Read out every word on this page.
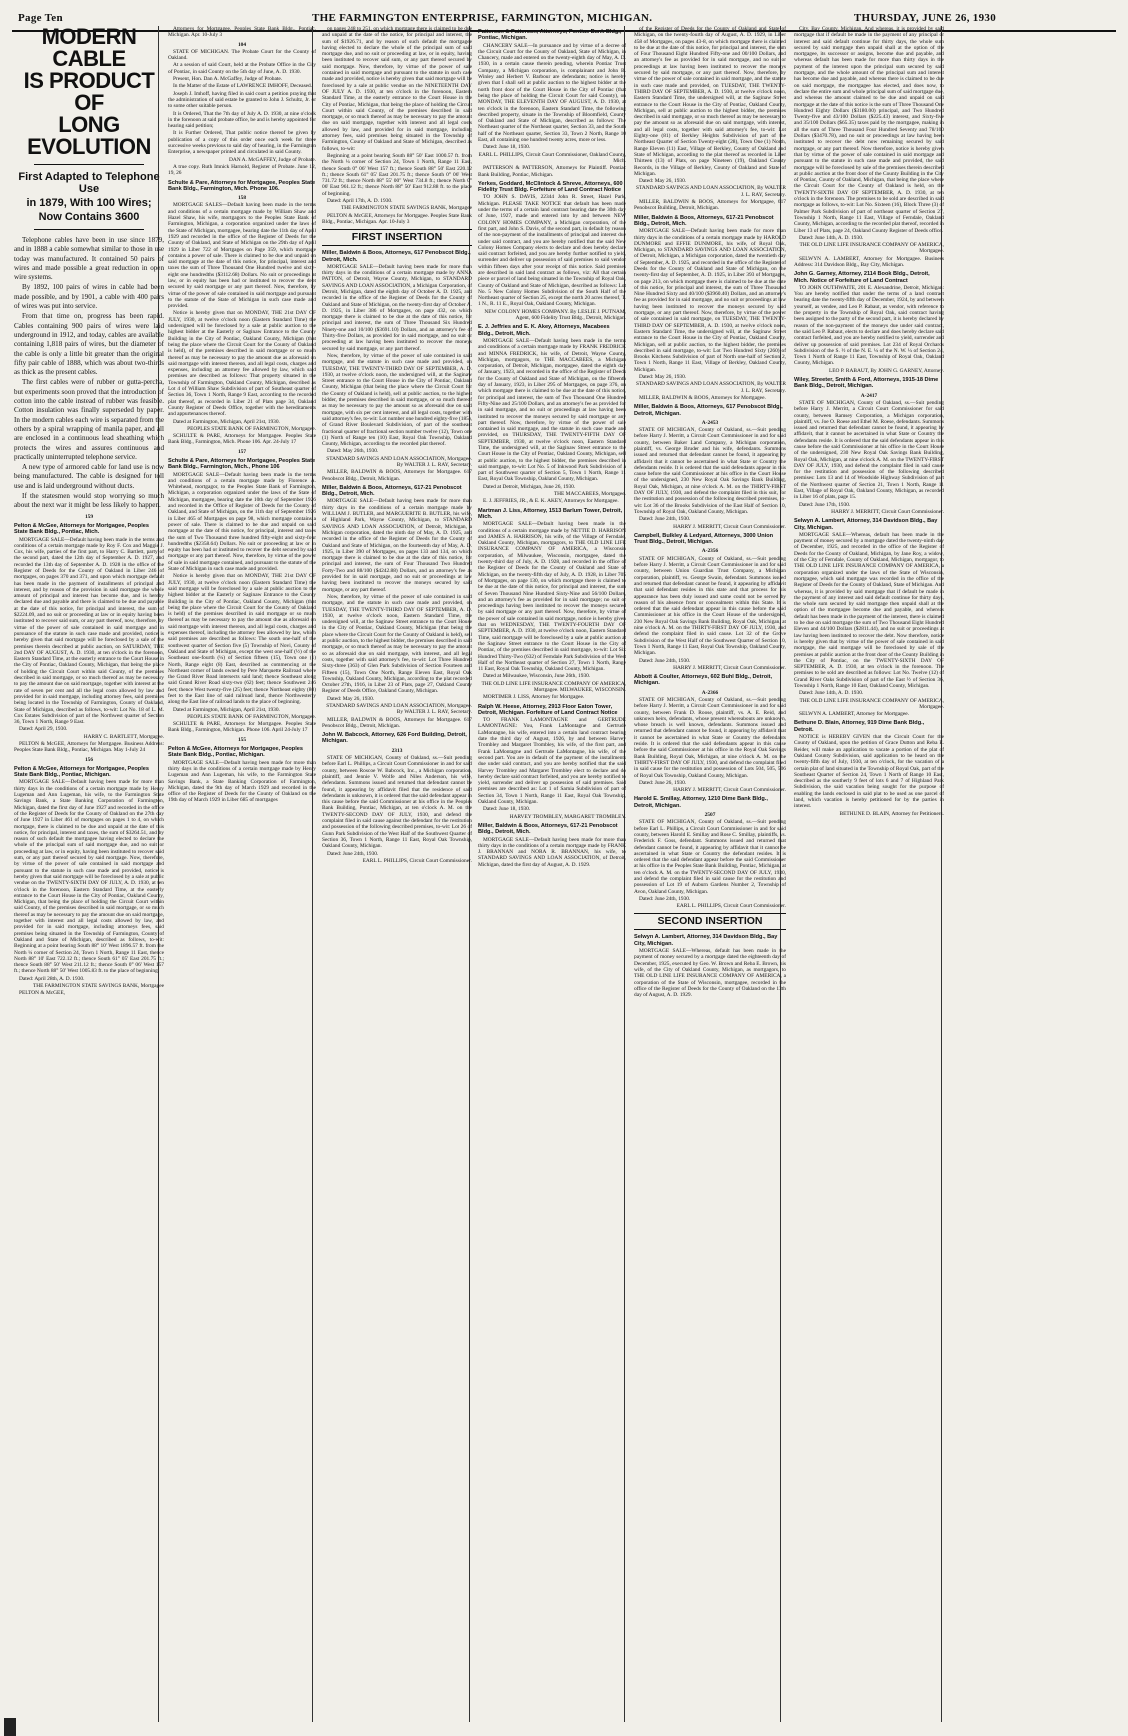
Page Ten	THE FARMINGTON ENTERPRISE, FARMINGTON, MICHIGAN.	THURSDAY, JUNE 26, 1930
MODERN CABLE
IS PRODUCT OF
LONG EVOLUTION
First Adapted to Telephone Use
in 1879, With 100 Wires;
Now Contains 3600

Telephone cables have been in use since 1879, and in 1888 a cable somewhat similar to those in use today was manufactured. It contained 50 pairs of wires and made possible a great reduction in open wire systems.

By 1892, 100 pairs of wires in cable had been made possible, and by 1901, a cable with 400 pairs of wires was put into service.

From that time on, progress has been rapid. Cables containing 900 pairs of wires were laid underground in 1912, and today, cables are available containing 1,818 pairs of wires, but the diameter of the cable is only a little bit greater than the original fifty pair cable of 1888, which was about two-thirds as thick as the present cables.

The first cables were of rubber or gutta-percha, but experiments soon proved that the introduction of cotton into the cable instead of rubber was feasible. Cotton insulation was finally superseded by paper. In the modern cables each wire is separated from the others by a spiral wrapping of manila paper, and all are enclosed in a continuous lead sheathing which protects the wires and assures continuous and practically uninterrupted telephone service.

A new type of armored cable for land use is now being manufactured. The cable is designed for toll use and is laid underground without ducts.

If the statesmen would stop worrying so much about the next war it might be less likely to happen.

159

Pelton & McGee, Attorneys for Mortgagee, Peoples State Bank Bldg., Pontiac, Mich.

MORTGAGE SALE—Default having been made in the terms and conditions of a certain mortgage made by Roy F. Cox and Maggie J. Cox, his wife, parties of the first part, to Harry C. Bartlett, party of the second part, dated the 12th day of September A. D. 1927, and recorded the 13th day of September A. D. 1928 in the office of the Register of Deeds for the County of Oakland in Liber 246 of mortgages, on pages 370 and 371, and upon which mortgage default has been made in the payment of installments of principal and interest, and by reason of the provision in said mortgage the whole amount of principal and interest has become due, and is hereby declared due and payable and there is claimed to be due and payable at the date of this notice, for principal and interest, the sum of $2224.09, and no suit or proceeding at law or in equity having been instituted to recover said sum, or any part thereof, now, therefore, by virtue of the power of sale contained in said mortgage and in pursuance of the statute in such case made and provided, notice is hereby given that said mortgage will be foreclosed by a sale of the premises therein described at public auction, on SATURDAY, THE 2nd DAY OF AUGUST, A. D. 1930, at ten o'clock in the forenoon, Eastern Standard Time, at the easterly entrance to the Court House in the City of Pontiac, Oakland County, Michigan, that being the place of holding the Circuit Court within said County, of the premises described in said mortgage, or so much thereof as may be necessary to pay the amount due on said mortgage, together with interest at the rate of seven per cent and all the legal costs allowed by law and provided for in said mortgage, including attorney fees, said premises being located in the Township of Farmington, County of Oakland, State of Michigan, described as follows, to-wit: Lot No. 18 of L. M. Cox Estates Subdivision of part of the Northwest quarter of Section 36, Town 1 North, Range 9 East.

Dated: April 29, 1930.

HARRY C. BARTLETT, Mortgagee.

PELTON & McGEE, Attorneys for Mortgagee. Business Address: Peoples State Bank Bldg., Pontiac, Michigan. May 1-July 24

156

Pelton & McGee, Attorneys for Mortgagee, Peoples State Bank Bldg., Pontiac, Michigan.

MORTGAGE SALE—Default having been made for more than thirty days in the conditions of a certain mortgage made by Henry Lugeman and Ann Lugeman, his wife, to the Farmington State Savings Bank, a State Banking Corporation of Farmington, Michigan, dated the first day of June 1927 and recorded in the office of the Register of Deeds for the County of Oakland on the 27th day of June 1927 in Liber 461 of mortgages on pages 1 to 4, on which mortgage, there is claimed to be due and unpaid at the date of this notice, for principal, interest and taxes, the sum of $3264.51, and by reason of such default the mortgagee having elected to declare the whole of the principal sum of said mortgage due, and no suit or proceeding at law, or in equity, having been instituted to recover said sum, or any part thereof secured by said mortgage. Now, therefore, by virtue of the power of sale contained in said mortgage and pursuant to the statute in such case made and provided, notice is hereby given that said mortgage will be foreclosed by a sale at public vendue on the TWENTY-SIXTH DAY OF JULY, A. D. 1930, at ten o'clock in the forenoon, Eastern Standard Time, at the easterly entrance to the Court House in the City of Pontiac, Oakland County, Michigan, that being the place of holding the Circuit Court within said County, of the premises described in said mortgage, or so much thereof as may be necessary to pay the amount due on said mortgage, together with interest and all legal costs allowed by law, and provided for in said mortgage, including attorneys fees, said premises being situated in the Township of Farmington, County of Oakland and State of Michigan, described as follows, to-wit: Beginning at a point bearing South 88° 10' West 1896.57 ft. from the North ¼ corner of Section 24, Town 1 North, Range 11 East, thence North 88° 10' East 722.12 ft.; thence South 61° 05' East 201.75 ft.; thence South 88° 50' West 211.12 ft.; thence South 0° 06' West 157 ft.; thence North 88° 50' West 1005.83 ft. to the place of beginning.

Dated: April 28th, A. D. 1930.

THE FARMINGTON STATE SAVINGS BANK, Mortgagee

PELTON & McGEE,

Attorneys for Mortgagee. Peoples State Bank Bldg., Pontiac, Michigan. Apr. 10-July 3

104

STATE OF MICHIGAN. The Probate Court for the County of Oakland.

At a session of said Court, held at the Probate Office in the City of Pontiac, in said County on the 5th day of June, A. D. 1930.

Present, Hon. Dan A. McGaffey, Judge of Probate.

In the Matter of the Estate of LAWRENCE IMHOFF, Deceased.

Joseph J. Imhoff, having filed in said court a petition praying that the administration of said estate be granted to John J. Schultz, Jr. or to some other suitable person.

It is Ordered, That the 7th day of July A. D. 1930, at nine o'clock in the forenoon at said probate office, be and is hereby appointed for hearing said petition;

It is Further Ordered, That public notice thereof be given by publication of a copy of this order once each week for three successive weeks previous to said day of hearing, in the Farmington Enterprise, a newspaper printed and circulated in said County.

DAN A. McGAFFEY, Judge of Probate.

A true copy. Ruth Imnick Harnold, Register of Probate. June 12, 19, 26

Schulte & Pare, Attorneys for Mortgagee, Peoples State Bank Bldg., Farmington, Mich. Phone 106.

158

MORTGAGE SALES—Default having been made in the terms and conditions of a certain mortgage made by William Shaw and Hazel Shaw, his wife, mortgagors to the Peoples State Bank of Farmington, Michigan, a corporation organized under the laws of the State of Michigan, mortgagee, bearing date the 11th day of April 1929 and recorded in the office of the Register of Deeds for the County of Oakland, and State of Michigan on the 29th day of April 1929 in Liber 722 of Mortgages on Page 359, which mortgage contains a power of sale. There is claimed to be due and unpaid on said mortgage at the date of this notice, for principal, interest and taxes the sum of Three Thousand One Hundred twelve and sixty-eight one hundredths ($3112.68) Dollars. No suit or proceedings at law, or in equity has been had or instituted to recover the debt secured by said mortgage or any part thereof. Now, therefore, by virtue of the power of sale contained in said mortgage and pursuant to the statute of the State of Michigan in such case made and provided.

Notice is hereby given that on MONDAY, THE 21st DAY OF JULY, 1930, at twelve o'clock noon (Eastern Standard Time) the undersigned will be foreclosed by a sale at public auction to the highest bidder at the Easterly or Saginaw Entrance to the County Building in the City of Pontiac, Oakland County, Michigan (that being the place where the Circuit Court for the County of Oakland is held), of the premises described in said mortgage or so much thereof as may be necessary to pay the amount due as aforesaid on said mortgage with interest thereon, and all legal costs, charges and expenses, including an attorney fee allowed by law, which said premises are described as follows: That property situated in the Township of Farmington, Oakland County, Michigan, described as Lot 4 of William Shaw Subdivision of part of Southeast quarter of Section 36, Town 1 North, Range 9 East, according to the recorded plat thereof, as recorded in Liber 21 of Plats page 34, Oakland County Register of Deeds Office, together with the hereditaments and appurtenances thereof.

Dated at Farmington, Michigan, April 21st, 1930.

PEOPLES STATE BANK OF FARMINGTON, Mortgagee.

SCHULTE & PARE, Attorneys for Mortgagee. Peoples State Bank Bldg., Farmington, Mich. Phone 106. Apr. 24-July 17

157

Schulte & Pare, Attorneys for Mortgagee, Peoples State Bank Bldg., Farmington, Mich., Phone 106

MORTGAGE SALE—Default having been made in the terms and conditions of a certain mortgage made by Florence A. Whitehead, mortgagor, to the Peoples State Bank of Farmington, Michigan, a corporation organized under the laws of the State of Michigan, mortgagee, bearing date the 10th day of September 1926 and recorded in the Office of Register of Deeds for the County of Oakland, and State of Michigan, on the 11th day of September 1926 in Liber 465 of Mortgages on page 98, which mortgage contains a power of sale. There is claimed to be due and unpaid on said mortgage at the date of this notice, for principal, interest and taxes the sum of Two Thousand three hundred fifty-eight and sixty-four hundredths ($2358.64) Dollars. No suit or proceeding at law or in equity has been had or instituted to recover the debt secured by said mortgage or any part thereof. Now, therefore, by virtue of the power of sale in said mortgage contained, and pursuant to the statute of the State of Michigan in such case made and provided.

Notice is hereby given that on MONDAY, THE 21st DAY OF JULY, 1930, at twelve o'clock noon (Eastern Standard Time) the said mortgage will be foreclosed by a sale at public auction to the highest bidder at the Easterly or Saginaw Entrance to the County Building in the City of Pontiac, Oakland County, Michigan (that being the place where the Circuit Court for the County of Oakland is held) of the premises described in said mortgage or so much thereof as may be necessary to pay the amount due as aforesaid on said mortgage with interest thereon, and all legal costs, charges and expenses thereof, including the attorney fees allowed by law, which said premises are described as follows: The south one-half of the southwest quarter of Section five (5) Township of Novi, County of Oakland and State of Michigan, except the west one-half (½) of the Southeast one-fourth (¼) of Section fifteen (15), Town one (1) North, Range eight (8) East, described as commencing at the Northeast corner of lands owned by Pere Marquette Railroad where the Grand River Road intersects said land; thence Southeast along said Grand River Road sixty-two (62) feet; thence Southwest 246 feet; thence West twenty-five (25) feet; thence Northeast eighty (80) feet to the East line of said railroad land, thence Northwesterly along the East line of railroad lands to the place of beginning.

Dated at Farmington, Michigan, April 21st, 1930.

PEOPLES STATE BANK OF FARMINGTON, Mortgagee.

SCHULTE & PARE, Attorneys for Mortgagee. Peoples State Bank Bldg., Farmington, Michigan. Phone 106. April 24-July 17

155

Pelton & McGee, Attorneys for Mortgagee, Peoples State Bank Bldg., Pontiac, Michigan.

MORTGAGE SALE—Default having been made for more than thirty days in the conditions of a certain mortgage made by Henry Lugeman and Ann Lugeman, his wife, to the Farmington State Savings Bank, a State Banking Corporation of Farmington, Michigan, dated the 9th day of March 1929 and recorded in the office of the Register of Deeds for the County of Oakland on the 19th day of March 1929 in Liber 685 of mortgages

on pages 248 to 251, on which mortgage there is claimed to be due and unpaid at the date of the notice, for principal and interest, the sum of $1926.71, and by reason of such default the mortgagee having elected to declare the whole of the principal sum of said mortgage due, and no suit or proceeding at law, or in equity, having been instituted to recover said sum, or any part thereof secured by said mortgage. Now, therefore, by virtue of the power of sale contained in said mortgage and pursuant to the statute in such case made and provided, notice is hereby given that said mortgage will be foreclosed by a sale at public vendue on the NINETEENTH DAY OF JULY A. D. 1930, at ten o'clock in the forenoon, Eastern Standard Time, at the easterly entrance to the Court House in the City of Pontiac, Michigan, that being the place of holding the Circuit Court within said County, of the premises described in said mortgage, or so much thereof as may be necessary to pay the amount due on said mortgage, together with interest and all legal costs allowed by law, and provided for in said mortgage, including attorney fees, said premises being situated in the Township of Farmington, County of Oakland and State of Michigan, described as follows, to-wit:

Beginning at a point bearing South 88° 50' East 1000.57 ft. from the North ¼ corner of Section 24, Town 1 North, Range 11 East, thence South 0° 06' West 157 ft.; thence South 88° 50' East 220.12 ft.; thence South 61° 05' East 201.75 ft.; thence South 0° 06' West 731.72 ft.; thence North 88° 55' 00" West 734.8 ft.; thence North 0° 06' East 961.12 ft.; thence North 88° 50' East 912.88 ft. to the place of beginning.

Dated: April 17th, A. D. 1930.

THE FARMINGTON STATE SAVINGS BANK, Mortgagee

PELTON & McGEE, Attorneys for Mortgagee. Peoples State Bank Bldg., Pontiac, Michigan. Apr. 10-July 3

FIRST INSERTION

Miller, Baldwin & Boos, Attorneys, 617 Penobscot Bldg., Detroit, Mich.

MORTGAGE SALE—Default having been made for more than thirty days in the conditions of a certain mortgage made by ANNA PATTON, of Detroit, Wayne County, Michigan, to STANDARD SAVINGS AND LOAN ASSOCIATION, a Michigan Corporation, of Detroit, Michigan, dated the eighth day of October A. D. 1925, and recorded in the office of the Register of Deeds for the County of Oakland and State of Michigan, on the twenty-first day of October A. D. 1925, in Liber 386 of Mortgages, on page 432, on which mortgage there is claimed to be due at the date of this notice, for principal and interest, the sum of Three Thousand Six Hundred Ninety-one and 10/100 ($3691.10) Dollars, and an attorney's fee of Thirty-five Dollars, as provided for in said mortgage, and no suit or proceeding at law having been instituted to recover the moneys secured by said mortgage, or any part thereof.

Now, therefore, by virtue of the power of sale contained in said mortgage, and the statute in such case made and provided, on TUESDAY, THE TWENTY-THIRD DAY OF SEPTEMBER, A. D. 1930, at twelve o'clock noon, the undersigned will, at the Saginaw Street entrance to the Court House in the City of Pontiac, Oakland County, Michigan (that being the place where the Circuit Court for the County of Oakland is held), sell at public auction, to the highest bidder, the premises described in said mortgage, or so much thereof as may be necessary to pay the amount so as aforesaid due on said mortgage, with six per cent interest, and all legal costs, together with said attorney's fee, to-wit: Lot number one hundred eighty-five (185), of Grand River Boulevard Subdivision, of part of the southeast fractional quarter of fractional section number twelve (12), Town one (1) North of Range ten (10) East, Royal Oak Township, Oakland County, Michigan, according to the recorded plat thereof.

Dated: May 26th, 1930.

STANDARD SAVINGS AND LOAN ASSOCIATION, Mortgagee. By WALTER J. L. RAY, Secretary.

MILLER, BALDWIN & BOOS, Attorneys for Mortgagee. 617 Penobscot Bldg., Detroit, Michigan.

Miller, Baldwin & Boos, Attorneys, 617-21 Penobscot Bldg., Detroit, Mich.

MORTGAGE SALE—Default having been made for more than thirty days in the conditions of a certain mortgage made by WILLIAM J. BUTLER, and MARGUERITE B. BUTLER, his wife, of Highland Park, Wayne County, Michigan, to STANDARD SAVINGS AND LOAN ASSOCIATION, of Detroit, Michigan, a Michigan corporation, dated the ninth day of May, A. D. 1925, and recorded in the office of the Register of Deeds for the County of Oakland and State of Michigan, on the fourteenth day of May, A. D. 1925, in Liber 390 of Mortgages, on pages 133 and 134, on which mortgage there is claimed to be due at the date of this notice, for principal and interest, the sum of Four Thousand Two Hundred Forty-Two and 88/100 ($4242.88) Dollars, and an attorney's fee as provided for in said mortgage, and no suit or proceedings at law having been instituted to recover the moneys secured by said mortgage, or any part thereof.

Now, therefore, by virtue of the power of sale contained in said mortgage, and the statute in such case made and provided, on TUESDAY, THE TWENTY-THIRD DAY OF SEPTEMBER, A. D. 1930, at twelve o'clock noon, Eastern Standard Time, the undersigned will, at the Saginaw Street entrance to the Court House in the City of Pontiac, Oakland County, Michigan (that being the place where the Circuit Court for the County of Oakland is held), sell at public auction, to the highest bidder, the premises described in said mortgage, or so much thereof as may be necessary to pay the amount so as aforesaid due on said mortgage, with interest, and all legal costs, together with said attorney's fee, to-wit: Lot Three Hundred Sixty-three (363) of Glen Park Subdivision of Section Fourteen and Fifteen (15), Town One North, Range Eleven East, Royal Oak Township, Oakland County, Michigan, according to the plat recorded October 27th, 1916, in Liber 23 of Plats, page 27, Oakland County Register of Deeds Office, Oakland County, Michigan.

Dated: May 26, 1930.

STANDARD SAVINGS AND LOAN ASSOCIATION, Mortgagee. By WALTER J. L. RAY, Secretary.

MILLER, BALDWIN & BOOS, Attorneys for Mortgagee. 617 Penobscot Bldg., Detroit, Michigan.

John W. Babcock, Attorney, 626 Ford Building, Detroit, Michigan.

2313

STATE OF MICHIGAN, County of Oakland, ss.—Suit pending before Earl L. Phillips, a Circuit Court Commissioner in and for said county, between Roscoe W. Babcock, Inc., a Michigan corporation, plaintiff, and Jennie V. Wolfe and Niles Anderson, his wife, defendants. Summons issued and returned that defendant cannot be found, it appearing by affidavit filed that the residence of said defendants is unknown, it is ordered that the said defendant appear in this cause before the said Commissioner at his office in the Peoples Bank Building, Pontiac, Michigan, at ten o'clock A. M. on the TWENTY-SECOND DAY OF JULY, 1930, and defend the complaint filed in said cause against the defendant for the restitution and possession of the following described premises, to-wit: Lot 26 of Gunn Park Subdivision of the West Half of the Southwest Quarter of Section 36, Town 1 North, Range 11 East, Royal Oak Township, Oakland County, Michigan.

Dated: June 24th, 1930.

EARL L. PHILLIPS, Circuit Court Commissioner.

Patterson & Patterson, Attorneys, Pontiac Bank Bldg., Pontiac, Michigan.

CHANCERY SALE—In pursuance and by virtue of a decree of the Circuit Court for the County of Oakland, State of Michigan, in Chancery, made and entered on the twenty-eighth day of May, A. D. 1930, in a certain cause therein pending, wherein Pontiac Trust Company, a Michigan corporation, is complainant and John B. Winley and Herbert V. Barbour are defendants; notice is hereby given that I shall sell at public auction to the highest bidder at the north front door of the Court House in the City of Pontiac (that being the place of holding the Circuit Court for said County), on MONDAY, THE ELEVENTH DAY OF AUGUST, A. D. 1930, at ten o'clock in the forenoon, Eastern Standard Time, the following described property, situate in the Township of Bloomfield, County of Oakland and State of Michigan, described as follows: The Northeast quarter of the Northeast quarter, Section 33, and the South half of the Northeast quarter, Section 33, Town 2 North, Range 10 East, all containing one hundred twenty acres, more or less.

Dated: June 18, 1930.

EARL L. PHILLIPS, Circuit Court Commissioner, Oakland County, Mich.

PATTERSON & PATTERSON, Attorneys for Plaintiff. Pontiac Bank Building, Pontiac, Michigan.

Yerkes, Goddard, McClintock & Shreve, Attorneys, 600 Fidelity Trust Bldg. Forfeiture of Land Contract Notice

TO JOHN S. DAVIS, 22344 John R. Street, Hazel Park, Michigan. PLEASE TAKE NOTICE that default has been made under the terms of a certain land contract bearing date the 30th day of June, 1927, made and entered into by and between NEW COLONY HOMES COMPANY, a Michigan corporation, of the first part, and John S. Davis, of the second part, in default by reason of the non-payment of the installments of principal and interest due under said contract, and you are hereby notified that the said New Colony Homes Company elects to declare and does hereby declare said contract forfeited, and you are hereby further notified to yield, surrender and deliver up possession of said premises to said vendor within fifteen days after your receipt of this notice. Said premises are described in said land contract as follows, viz: All that certain piece or parcel of land being situated in the Township of Royal Oak, County of Oakland and State of Michigan, described as follows: Lot No. 5 New Colony Homes Subdivision of the South Half of the Northeast quarter of Section 25, except the north 20 acres thereof, T. 1 N., R. 11 E., Royal Oak, Oakland County, Michigan.

NEW COLONY HOMES COMPANY. By LESLIE J. PUTNAM, Agent, 600 Fidelity Trust Bldg., Detroit, Michigan.

E. J. Jeffries and E. K. Akey, Attorneys, Macabees Bldg., Detroit, Mich.

MORTGAGE SALE—Default having been made in the terms and conditions of a certain mortgage made by FRANK FREDRICK and MINNA FREDRICK, his wife, of Detroit, Wayne County, Michigan, mortgagors, to THE MACCABEES, a Michigan corporation, of Detroit, Michigan, mortgagee, dated the eighth day of January, 1923, and recorded in the office of the Register of Deeds for the County of Oakland and State of Michigan, on the fifteenth day of January, 1923, in Liber 295 of Mortgages, on page 376, on which mortgage there is claimed to be due at the date of this notice, for principal and interest, the sum of Two Thousand One Hundred Fifty-Nine and 25/100 Dollars, and an attorney's fee as provided for in said mortgage, and no suit or proceedings at law having been instituted to recover the moneys secured by said mortgage or any part thereof. Now, therefore, by virtue of the power of sale contained in said mortgage, and the statute in such case made and provided, on THURSDAY, THE TWENTY-FIFTH DAY OF SEPTEMBER, 1930, at twelve o'clock noon, Eastern Standard Time, the undersigned will, at the Saginaw Street entrance to the Court House in the City of Pontiac, Oakland County, Michigan, sell at public auction, to the highest bidder, the premises described in said mortgage, to-wit: Lot No. 5 of Inkwood Park Subdivision of a part of Southwest quarter of Section 5, Town 1 North, Range 11 East, Royal Oak Township, Oakland County, Michigan.

Dated at Detroit, Michigan, June 26, 1930.

THE MACCABEES, Mortgagee.

E. J. JEFFRIES, JR., & E. K. AKEY, Attorneys for Mortgagee.

Martman J. Liss, Attorney, 1513 Barlum Tower, Detroit, Mich.

MORTGAGE SALE—Default having been made in the conditions of a certain mortgage made by NETTIE D. HARRISON and JAMES A. HARRISON, his wife, of the Village of Ferndale, Oakland County, Michigan, mortgagors, to THE OLD LINE LIFE INSURANCE COMPANY OF AMERICA, a Wisconsin corporation, of Milwaukee, Wisconsin, mortgagee, dated the twenty-third day of July, A. D. 1928, and recorded in the office of the Register of Deeds for the County of Oakland and State of Michigan, on the twenty-fifth day of July, A. D. 1928, in Liber 705 of Mortgages, on page 130, on which mortgage there is claimed to be due at the date of this notice, for principal and interest, the sum of Seven Thousand Nine Hundred Sixty-Nine and 56/100 Dollars, and an attorney's fee as provided for in said mortgage; no suit or proceedings having been instituted to recover the moneys secured by said mortgage or any part thereof. Now, therefore, by virtue of the power of sale contained in said mortgage, notice is hereby given that on WEDNESDAY, THE TWENTY-FOURTH DAY OF SEPTEMBER, A. D. 1930, at twelve o'clock noon, Eastern Standard Time, said mortgage will be foreclosed by a sale at public auction at the Saginaw Street entrance to the Court House in the City of Pontiac, of the premises described in said mortgage, to-wit: Lot Six Hundred Thirty-Two (632) of Ferndale Park Subdivision of the West Half of the Northeast quarter of Section 27, Town 1 North, Range 11 East, Royal Oak Township, Oakland County, Michigan.

Dated at Milwaukee, Wisconsin, June 26th, 1930.

THE OLD LINE LIFE INSURANCE COMPANY OF AMERICA, Mortgagee. MILWAUKEE, WISCONSIN.

MORTIMER J. LISS, Attorney for Mortgagee.

Ralph W. Heese, Attorney, 2913 Floor Eaton Tower, Detroit, Michigan. Forfeiture of Land Contract Notice

TO FRANK LAMONTAGNE and GERTRUDE LAMONTAGNE: You, Frank LaMontagne and Gertrude LaMontagne, his wife, entered into a certain land contract bearing date the third day of August, 1926, by and between Harvey Trombley and Margaret Trombley, his wife, of the first part, and Frank LaMontagne and Gertrude LaMontagne, his wife, of the second part. You are in default of the payment of the installments due under said contract, and you are hereby notified that the said Harvey Trombley and Margaret Trombley elect to declare and do hereby declare said contract forfeited, and you are hereby notified to yield, surrender and deliver up possession of said premises. Said premises are described as: Lot 1 of Sarnia Subdivision of part of Section 34, Town 1 North, Range 11 East, Royal Oak Township, Oakland County, Michigan.

Dated: June 18, 1930.

HARVEY TROMBLEY, MARGARET TROMBLEY.

Miller, Baldwin & Boos, Attorneys, 617-21 Penobscot Bldg., Detroit, Mich.

MORTGAGE SALE—Default having been made for more than thirty days in the conditions of a certain mortgage made by FRANK J. BRANNAN and NORA R. BRANNAN, his wife, to STANDARD SAVINGS AND LOAN ASSOCIATION, of Detroit, Michigan, dated the first day of August, A. D. 1929.

of the Register of Deeds for the County of Oakland and State of Michigan, on the twenty-fourth day of August, A. D. 1929, in Liber 458 of Mortgages, on pages 43-8, on which mortgage there is claimed to be due at the date of this notice, for principal and interest, the sum of Four Thousand Eight Hundred Fifty-one and 00/100 Dollars, and an attorney's fee as provided for in said mortgage, and no suit or proceedings at law having been instituted to recover the moneys secured by said mortgage, or any part thereof. Now, therefore, by virtue of the power of sale contained in said mortgage, and the statute in such case made and provided, on TUESDAY, THE TWENTY-THIRD DAY OF SEPTEMBER, A. D. 1930, at twelve o'clock noon, Eastern Standard Time, the undersigned will, at the Saginaw Street entrance to the Court House in the City of Pontiac, Oakland County, Michigan, sell at public auction to the highest bidder, the premises described in said mortgage, or so much thereof as may be necessary to pay the amount so as aforesaid due on said mortgage, with interest, and all legal costs, together with said attorney's fee, to-wit: Lot Eighty-one (81) of Berkley Heights Subdivision of part of the Northeast Quarter of Section Twenty-eight (28), Town One (1) North, Range Eleven (11) East, Village of Berkley, County of Oakland and State of Michigan, according to the plat thereof as recorded in Liber Thirteen (13) of Plats, on page Nineteen (19), Oakland County Records, in the Village of Berkley, County of Oakland and State of Michigan.

Dated: May 26, 1930.

STANDARD SAVINGS AND LOAN ASSOCIATION, By WALTER J. L. RAY, Secretary.

MILLER, BALDWIN & BOOS, Attorneys for Mortgagee, 617 Penobscot Building, Detroit, Michigan.

Miller, Baldwin & Boos, Attorneys, 617-21 Penobscot Bldg., Detroit, Mich.

MORTGAGE SALE—Default having been made for more than thirty days in the conditions of a certain mortgage made by HAROLD DUNMORE and EFFIE DUNMORE, his wife, of Royal Oak, Michigan, to STANDARD SAVINGS AND LOAN ASSOCIATION, of Detroit, Michigan, a Michigan corporation, dated the twentieth day of September, A. D. 1925, and recorded in the office of the Register of Deeds for the County of Oakland and State of Michigan, on the twenty-first day of September, A. D. 1925, in Liber 393 of Mortgages, on page 213, on which mortgage there is claimed to be due at the date of this notice, for principal and interest, the sum of Three Thousand Nine Hundred Sixty and 40/100 ($3960.40) Dollars, and an attorney's fee as provided for in said mortgage, and no suit or proceedings at law having been instituted to recover the moneys secured by said mortgage, or any part thereof. Now, therefore, by virtue of the power of sale contained in said mortgage, on TUESDAY, THE TWENTY-THIRD DAY OF SEPTEMBER, A. D. 1930, at twelve o'clock noon, Eastern Standard Time, the undersigned will, at the Saginaw Street entrance to the Court House in the City of Pontiac, Oakland County, Michigan, sell at public auction, to the highest bidder, the premises described in said mortgage, to-wit: Lot Two Hundred Sixty (260) of Brooks Kitchens Subdivision of part of North one-half of Section 2, Town 1 North, Range 11 East, Village of Berkley, Oakland County, Michigan.

Dated: May 26, 1930.

STANDARD SAVINGS AND LOAN ASSOCIATION, By WALTER J. L. RAY, Secretary.

MILLER, BALDWIN & BOOS, Attorneys for Mortgagee.

Miller, Baldwin & Boos, Attorneys, 617 Penobscot Bldg., Detroit, Michigan.

A-2453

STATE OF MICHIGAN, County of Oakland, ss.—Suit pending before Harry J. Merritt, a Circuit Court Commissioner in and for said county, between Baker Land Company, a Michigan corporation, plaintiff, vs. George Bruder and his wife, defendants. Summons issued and returned that defendant cannot be found, it appearing by affidavit that it cannot be ascertained in what State or Country the defendants reside. It is ordered that the said defendants appear in this cause before the said Commissioner at his office in the Court House of the undersigned, 230 New Royal Oak Savings Bank Building, Royal Oak, Michigan, at nine o'clock A. M. on the THIRTY-FIRST DAY OF JULY, 1930, and defend the complaint filed in this suit, for the restitution and possession of the following described premises, to-wit: Lot 36 of the Brooks Subdivision of the East Half of Section 10, Township of Royal Oak, Oakland County, Michigan.

Dated: June 24th, 1930.

HARRY J. MERRITT, Circuit Court Commissioner.

Campbell, Bulkley & Ledyard, Attorneys, 3000 Union Trust Bldg., Detroit, Michigan.

A-2356

STATE OF MICHIGAN, County of Oakland, ss.—Suit pending before Harry J. Merritt, a Circuit Court Commissioner in and for said county, between Union Guardian Trust Company, a Michigan corporation, plaintiff, vs. George Swain, defendant. Summons issued and returned that defendant cannot be found, it appearing by affidavit that said defendant resides in this state and that process for his appearance has been duly issued and same could not be served by reason of his absence from or concealment within this State. It is ordered that the said defendant appear in this cause before the said Commissioner at his office in the Court House of the undersigned, 230 New Royal Oak Savings Bank Building, Royal Oak, Michigan, at nine o'clock A. M. on the THIRTY-FIRST DAY OF JULY, 1930, and defend the complaint filed in said cause. Lot 32 of the Grove Subdivision of the West Half of the Southwest Quarter of Section 10, Town 1 North, Range 11 East, Royal Oak Township, Oakland County, Michigan.

Dated: June 24th, 1930.

HARRY J. MERRITT, Circuit Court Commissioner.

Abbott & Coulter, Attorneys, 602 Buhl Bldg., Detroit, Michigan.

A-2366

STATE OF MICHIGAN, County of Oakland, ss.—Suit pending before Harry J. Merritt, a Circuit Court Commissioner in and for said county, between Frank D. Roose, plaintiff, vs. A. E. Reid, and unknown heirs, defendants, whose present whereabouts are unknown, whose breach is well known, defendants. Summons issued and returned that defendant cannot be found, it appearing by affidavit that it cannot be ascertained in what State or Country the defendants reside. It is ordered that the said defendants appear in this cause before the said Commissioner at his office in the Royal Oak Savings Bank Building, Royal Oak, Michigan, at nine o'clock A. M. on the THIRTY-FIRST DAY OF JULY, 1930, and defend the complaint filed in said cause for the restitution and possession of Lots 504, 505, 506 of Royal Oak Township, Oakland County, Michigan.

Dated: June 26, 1930.

HARRY J. MERRITT, Circuit Court Commissioner.

Harold E. Smillay, Attorney, 1210 Dime Bank Bldg., Detroit, Michigan.

2507

STATE OF MICHIGAN, County of Oakland, ss.—Suit pending before Earl L. Phillips, a Circuit Court Commissioner in and for said county, between Harold E. Smillay and Rose C. Smillay, plaintiffs, vs. Frederick F. Goss, defendant. Summons issued and returned that defendant cannot be found, it appearing by affidavit that it cannot be ascertained in what State or Country the defendant resides. It is ordered that the said defendant appear before the said Commissioner at his office in the Peoples State Bank Building, Pontiac, Michigan, at ten o'clock A. M. on the TWENTY-SECOND DAY OF JULY, 1930, and defend the complaint filed in said cause for the restitution and possession of Lot 19 of Auburn Gardens Number 2, Township of Avon, Oakland County, Michigan.

Dated: June 24th, 1930.

EARL L. PHILLIPS, Circuit Court Commissioner.

SECOND INSERTION

Selwyn A. Lambert, Attorney, 314 Davidson Bldg., Bay City, Michigan.

MORTGAGE SALE—Whereas, default has been made in the payment of money secured by a mortgage dated the eighteenth day of December, 1925, executed by Geo. W. Brown and Reba E. Brown, his wife, of the City of Oakland County, Michigan, as mortgagors, to THE OLD LINE LIFE INSURANCE COMPANY OF AMERICA, a corporation of the State of Wisconsin, mortgagee, recorded in the office of the Register of Deeds for the County of Oakland on the 13th day of August, A. D. 1929.

City, Bay County, Michigan. And whereas, it is provided by said mortgage that if default be made in the payment of any principal or interest and said default continue for thirty days, the whole sum secured by said mortgage then unpaid shall at the option of the mortgagee, its successor or assigns, become due and payable, and whereas default has been made for more than thirty days in the payment of the interest upon the principal sum secured by said mortgage, and the whole amount of the principal sum and interest has become due and payable, and whereas there is claimed to be due on said mortgage, the mortgagee has elected, and does now, to declare the entire sum and whole principal sum of said mortgage due, and whereas the amount claimed to be due and unpaid on said mortgage at the date of this notice is the sum of Three Thousand One Hundred Eighty Dollars ($3180.00) principal, and Two Hundred Twenty-five and 43/100 Dollars ($225.43) interest, and Sixty-five and 35/100 Dollars ($65.35) taxes paid by the mortgagee, making in all the sum of Three Thousand Four Hundred Seventy and 78/100 Dollars ($3470.78), and no suit or proceedings at law having been instituted to recover the debt now remaining secured by said mortgage, or any part thereof. Now therefore, notice is hereby given that by virtue of the power of sale contained in said mortgage and pursuant to the statute in such case made and provided, the said mortgage will be foreclosed by sale of the premises therein described at public auction at the front door of the County Building in the City of Pontiac, County of Oakland, Michigan, that being the place where the Circuit Court for the County of Oakland is held, on the TWENTY-SIXTH DAY OF SEPTEMBER, A. D. 1930, at ten o'clock in the forenoon. The premises to be sold are described in said mortgage as follows, to-wit: Lot No. Sixteen (16), Block Three (3) of Palmer Park Subdivision of part of northeast quarter of Section 27, Township 1 North, Range 11 East, Village of Ferndale, Oakland County, Michigan, according to the recorded plat thereof, recorded in Liber 13 of Plats, page 24, Oakland County Register of Deeds office.

Dated: June 14th, A. D. 1930.

THE OLD LINE LIFE INSURANCE COMPANY OF AMERICA, Mortgagee.

SELWYN A. LAMBERT, Attorney for Mortgagee. Business Address: 314 Davidson Bldg., Bay City, Michigan.

John G. Garney, Attorney, 2114 Book Bldg., Detroit, Mich. Notice of Forfeiture of Land Contract

TO JOHN OUTHWAITE, 201 E. Alexandrine, Detroit, Michigan: You are hereby notified that under the terms of a land contract bearing date the twenty-fifth day of December, 1924, by and between yourself, as vendee, and Leo P. Rabaut, as vendor, with reference to the property in the Township of Royal Oak, said contract having been assigned to the party of the second part, it is hereby declared by reason of the non-payment of the moneys due under said contract, the said Leo P. Rabaut, elects to declare and does hereby declare said contract forfeited, and you are hereby notified to yield, surrender and deliver up possession of said premises. Lot 234 of Royal Orchards Subdivision of the S. ½ of the N. E. ¼ of the N. W. ¼ of Section 24, Town 1 North of Range 11 East, Township of Royal Oak, Oakland County, Michigan.

LEO P. RABAUT, By JOHN G. GARNEY, Attorney.

Wiley, Streeter, Smith & Ford, Attorneys, 1915-18 Dime Bank Bldg., Detroit, Michigan.

A-2417

STATE OF MICHIGAN, County of Oakland, ss.—Suit pending before Harry J. Merritt, a Circuit Court Commissioner for said county, between Ramsey Corporation, a Michigan corporation, plaintiff, vs. Joe O. Roese and Ethel M. Roese, defendants. Summons issued and returned that defendant cannot be found, it appearing by affidavit, that it cannot be ascertained in what State or Country the defendants reside. It is ordered that the said defendants appear in this cause before the said Commissioner at his office in the Court House of the undersigned, 230 New Royal Oak Savings Bank Building, Royal Oak, Michigan, at nine o'clock A. M. on the TWENTY-FIRST DAY OF JULY, 1930, and defend the complaint filed in said cause for the restitution and possession of the following described premises: Lots 13 and 14 of Woodside Highway Subdivision of part of the Northwest quarter of Section 21, Town 1 North, Range 11 East, Village of Royal Oak, Oakland County, Michigan, as recorded in Liber 16 of plats, page 15.

Dated: June 17th, 1930.

HARRY J. MERRITT, Circuit Court Commissioner.

Selwyn A. Lambert, Attorney, 314 Davidson Bldg., Bay City, Michigan.

MORTGAGE SALE—Whereas, default has been made in the payment of money secured by a mortgage dated the twenty-ninth day of December, 1925, and recorded in the office of the Register of Deeds for the County of Oakland, Michigan, by Jane Roy, a widow, of the City of Ferndale, County of Oakland, Michigan, mortgagor, to THE OLD LINE LIFE INSURANCE COMPANY OF AMERICA, a corporation organized under the laws of the State of Wisconsin, mortgagee, which said mortgage was recorded in the office of the Register of Deeds for the County of Oakland, State of Michigan. And whereas, it is provided by said mortgage that if default be made in the payment of any interest and said default continue for thirty days, the whole sum secured by said mortgage then unpaid shall at the option of the mortgagee become due and payable, and whereas default has been made in the payment of the interest, there is claimed to be due on said mortgage the sum of Two Thousand Eight Hundred Eleven and 44/100 Dollars ($2811.44), and no suit or proceedings at law having been instituted to recover the debt. Now therefore, notice is hereby given that by virtue of the power of sale contained in said mortgage, the said mortgage will be foreclosed by sale of the premises at public auction at the front door of the County Building in the City of Pontiac, on the TWENTY-SIXTH DAY OF SEPTEMBER, A. D. 1930, at ten o'clock in the forenoon. The premises to be sold are described as follows: Lot No. Twelve (12) of Grand River Oaks Subdivision of part of the East ½ of Section 36, Township 1 North, Range 10 East, Oakland County, Michigan.

Dated: June 14th, A. D. 1930.

THE OLD LINE LIFE INSURANCE COMPANY OF AMERICA, Mortgagee.

SELWYN A. LAMBERT, Attorney for Mortgagee.

Bethune D. Blain, Attorney, 919 Dime Bank Bldg., Detroit.

NOTICE is HEREBY GIVEN that the Circuit Court for the County of Oakland, upon the petition of Grace Dutton and Reba E. Reider, will make an application to vacate a portion of the plat of Oakland County Subdivision, said application to be heard on the twenty-fifth day of July, 1930, at ten o'clock, for the vacation of a certain plat of land situated in the Township of Royal Oak, part of the Southeast Quarter of Section 24, Town 1 North of Range 10 East, described as the southerly 9 feet of lots 6 and 7 of Highland Park Subdivision, the said vacation being sought for the purpose of enabling the lands enclosed in said plat to be used as one parcel of land, which vacation is hereby petitioned for by the parties in interest.

BETHUNE D. BLAIN, Attorney for Petitioners.
